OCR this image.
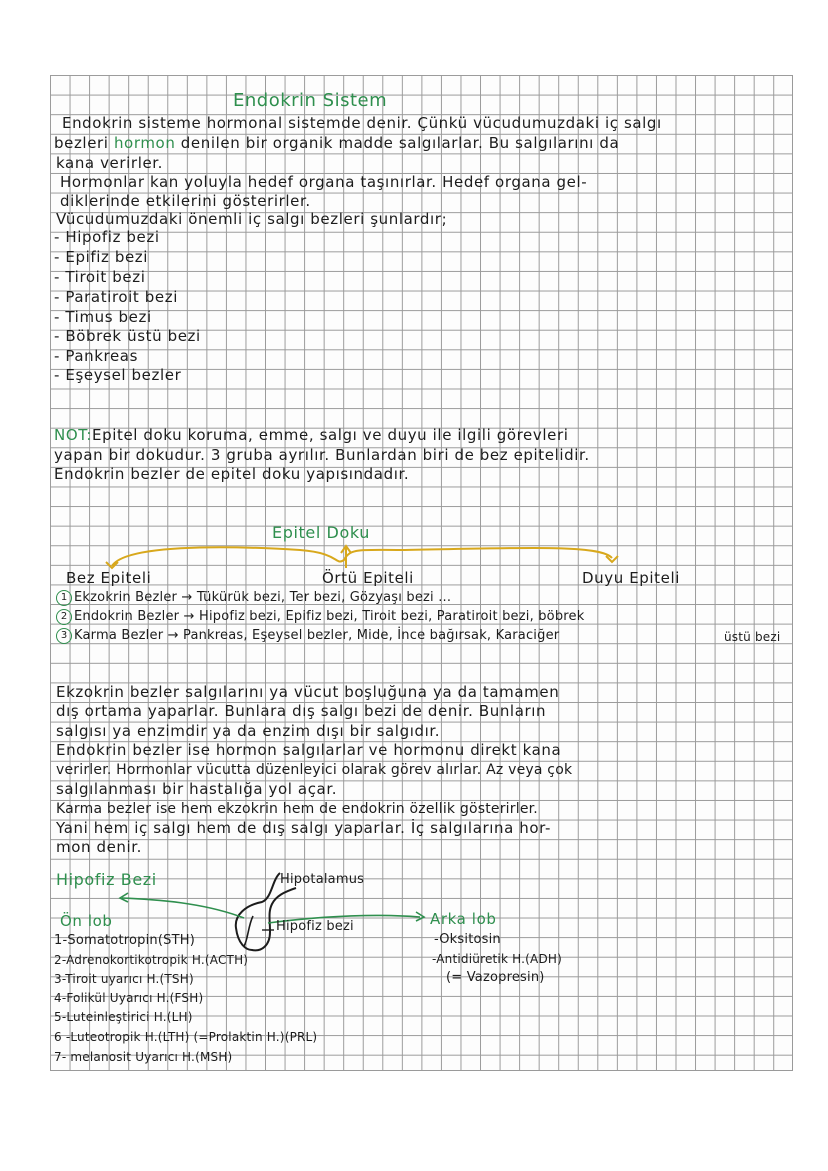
Endokrin Sistem
Endokrin sisteme hormonal sistemde denir. Çünkü vücudumuzdaki iç salgı
bezleri hormon denilen bir organik madde salgılarlar. Bu salgılarını da
kana verirler.
Hormonlar kan yoluyla hedef organa taşınırlar. Hedef organa gel-
diklerinde etkilerini gösterirler.
Vücudumuzdaki önemli iç salgı bezleri şunlardır;
- Hipofiz bezi
- Epifiz bezi
- Tiroit bezi
- Paratiroit bezi
- Timus bezi
- Böbrek üstü bezi
- Pankreas
- Eşeysel bezler
NOT:Epitel doku koruma, emme, salgı ve duyu ile ilgili görevleri
yapan bir dokudur. 3 gruba ayrılır. Bunlardan biri de bez epitelidir.
Endokrin bezler de epitel doku yapısındadır.
Epitel Doku
Bez Epiteli	Örtü Epiteli	Duyu Epiteli
1 Ekzokrin Bezler → Tükürük bezi, Ter bezi, Gözyaşı bezi ...
2 Endokrin Bezler → Hipofiz bezi, Epifiz bezi, Tiroit bezi, Paratiroit bezi, böbrek
3 Karma Bezler → Pankreas, Eşeysel bezler, Mide, İnce bağırsak, Karaciğer	üstü bezi
Ekzokrin bezler salgılarını ya vücut boşluğuna ya da tamamen
dış ortama yaparlar. Bunlara dış salgı bezi de denir. Bunların
salgısı ya enzimdir ya da enzim dışı bir salgıdır.
Endokrin bezler ise hormon salgılarlar ve hormonu direkt kana
verirler. Hormonlar vücutta düzenleyici olarak görev alırlar. Az veya çok
salgılanması bir hastalığa yol açar.
Karma bezler ise hem ekzokrin hem de endokrin özellik gösterirler.
Yani hem iç salgı hem de dış salgı yaparlar. İç salgılarına hor-
mon denir.
Hipofiz Bezi	Hipotalamus
Hipofiz bezi
Ön lob
1-Somatotropin(STH)
2-Adrenokortikotropik H.(ACTH)
3-Tiroit uyarıcı H.(TSH)
4-Folikül Uyarıcı H.(FSH)
5-Luteinleştirici H.(LH)
6 -Luteotropik H.(LTH) (=Prolaktin H.)(PRL)
7- melanosit Uyarıcı H.(MSH)
Arka lob
-Oksitosin
-Antidiüretik H.(ADH)
(= Vazopresin)
